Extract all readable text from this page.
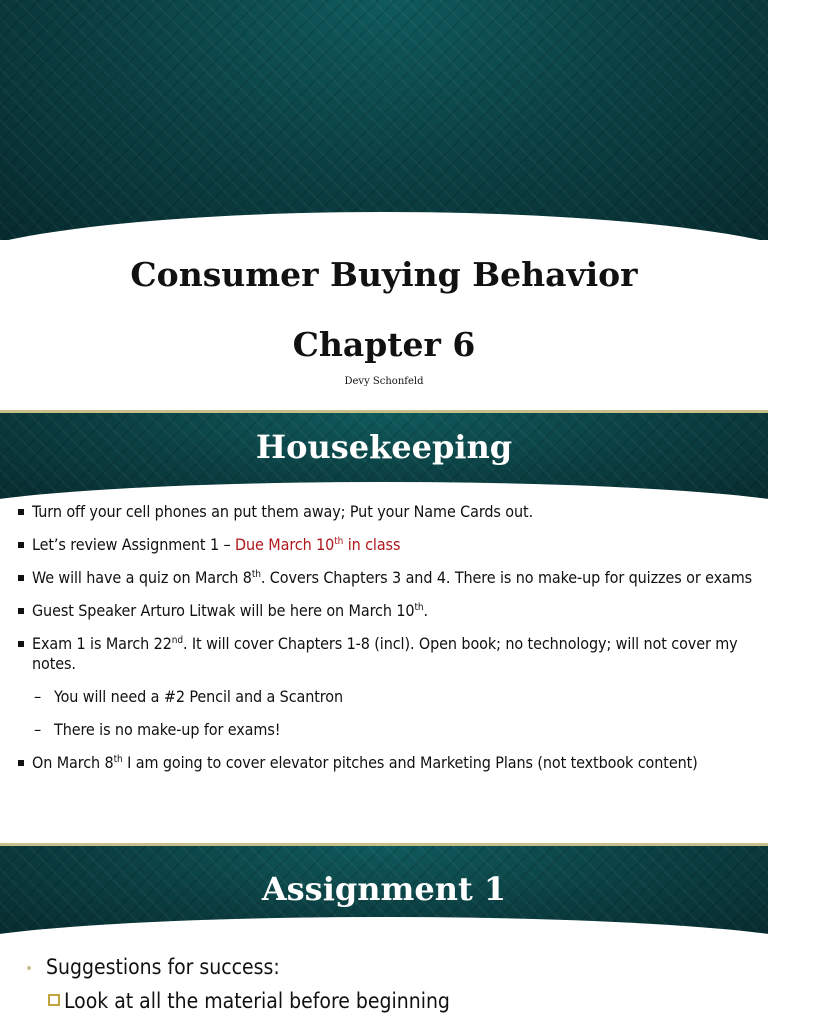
Consumer Buying Behavior
Chapter 6
Devy Schonfeld
Housekeeping
Turn off your cell phones an put them away; Put your Name Cards out.
Let’s review Assignment 1 – Due March 10th in class
We will have a quiz on March 8th. Covers Chapters 3 and 4. There is no make-up for quizzes or exams
Guest Speaker Arturo Litwak will be here on March 10th.
Exam 1 is March 22nd. It will cover Chapters 1-8 (incl). Open book; no technology; will not cover my notes.
– You will need a #2 Pencil and a Scantron
– There is no make-up for exams!
On March 8th I am going to cover elevator pitches and Marketing Plans (not textbook content)
Assignment 1
Suggestions for success:
Look at all the material before beginning
